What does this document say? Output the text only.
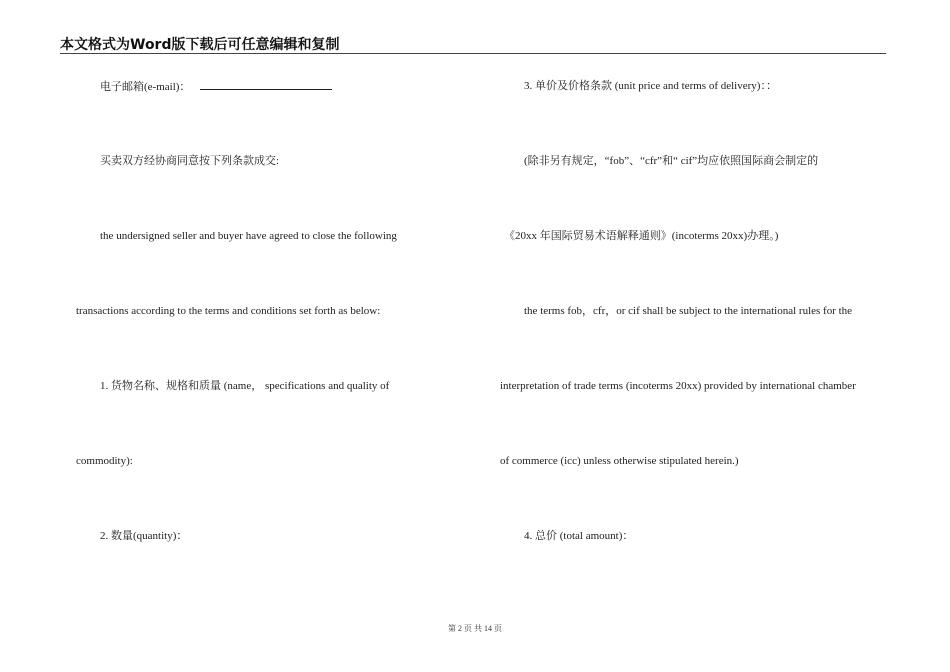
本文格式为Word版下载后可任意编辑和复制
电子邮箱(e-mail)：
买卖双方经协商同意按下列条款成交:
the undersigned seller and buyer have agreed to close the following
transactions according to the terms and conditions set forth as below:
1. 货物名称、规格和质量 (name， specifications and quality of
commodity):
2. 数量(quantity)：
3. 单价及价格条款 (unit price and terms of delivery)：：
(除非另有规定，“fob”、“cfr”和“ cif”均应依照国际商会制定的
《20xx 年国际贸易术语解释通则》(incoterms 20xx)办理。)
the terms fob，cfr，or cif shall be subject to the international rules for the
interpretation of trade terms (incoterms 20xx) provided by international chamber
of commerce (icc) unless otherwise stipulated herein.)
4. 总价 (total amount)：
第 2 页 共 14 页
